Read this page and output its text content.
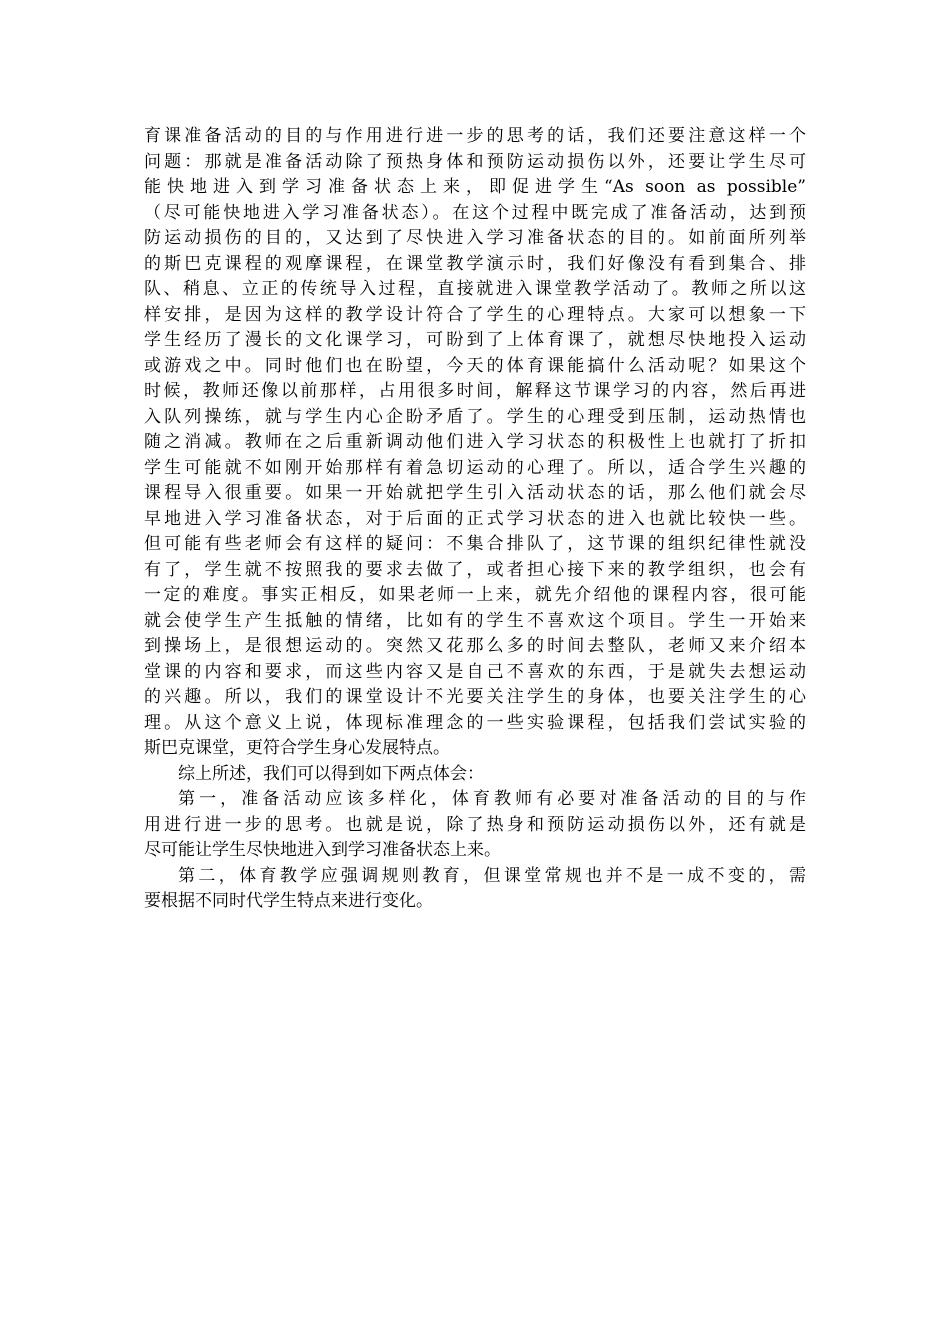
育课准备活动的目的与作用进行进一步的思考的话，我们还要注意这样一个
问题：那就是准备活动除了预热身体和预防运动损伤以外，还要让学生尽可
能快地进入到学习准备状态上来，即促进学生“As soon as possible”
（尽可能快地进入学习准备状态）。在这个过程中既完成了准备活动，达到预
防运动损伤的目的，又达到了尽快进入学习准备状态的目的。如前面所列举
的斯巴克课程的观摩课程，在课堂教学演示时，我们好像没有看到集合、排
队、稍息、立正的传统导入过程，直接就进入课堂教学活动了。教师之所以这
样安排，是因为这样的教学设计符合了学生的心理特点。大家可以想象一下
学生经历了漫长的文化课学习，可盼到了上体育课了，就想尽快地投入运动
或游戏之中。同时他们也在盼望，今天的体育课能搞什么活动呢？如果这个
时候，教师还像以前那样，占用很多时间，解释这节课学习的内容，然后再进
入队列操练，就与学生内心企盼矛盾了。学生的心理受到压制，运动热情也
随之消减。教师在之后重新调动他们进入学习状态的积极性上也就打了折扣
学生可能就不如刚开始那样有着急切运动的心理了。所以，适合学生兴趣的
课程导入很重要。如果一开始就把学生引入活动状态的话，那么他们就会尽
早地进入学习准备状态，对于后面的正式学习状态的进入也就比较快一些。
但可能有些老师会有这样的疑问：不集合排队了，这节课的组织纪律性就没
有了，学生就不按照我的要求去做了，或者担心接下来的教学组织，也会有
一定的难度。事实正相反，如果老师一上来，就先介绍他的课程内容，很可能
就会使学生产生抵触的情绪，比如有的学生不喜欢这个项目。学生一开始来
到操场上，是很想运动的。突然又花那么多的时间去整队，老师又来介绍本
堂课的内容和要求，而这些内容又是自己不喜欢的东西，于是就失去想运动
的兴趣。所以，我们的课堂设计不光要关注学生的身体，也要关注学生的心
理。从这个意义上说，体现标准理念的一些实验课程，包括我们尝试实验的
斯巴克课堂，更符合学生身心发展特点。
综上所述，我们可以得到如下两点体会：
第一，准备活动应该多样化，体育教师有必要对准备活动的目的与作
用进行进一步的思考。也就是说，除了热身和预防运动损伤以外，还有就是
尽可能让学生尽快地进入到学习准备状态上来。
第二，体育教学应强调规则教育，但课堂常规也并不是一成不变的，需
要根据不同时代学生特点来进行变化。
